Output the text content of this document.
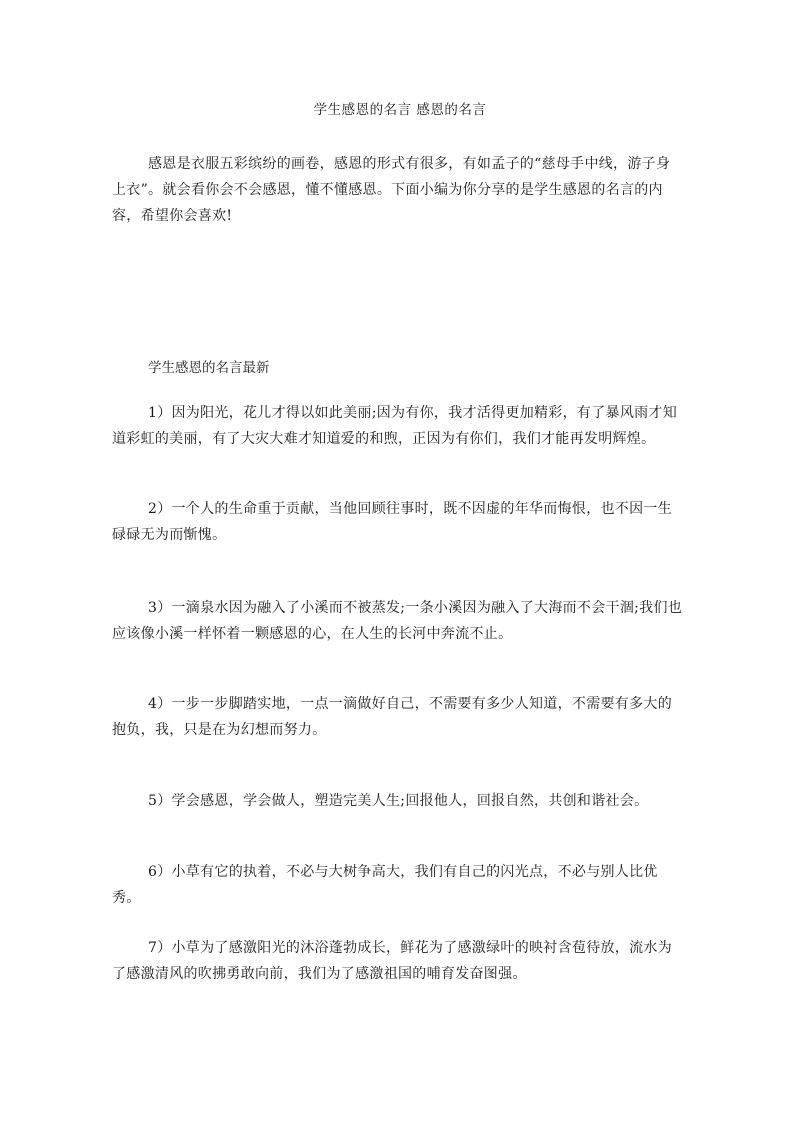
学生感恩的名言 感恩的名言

感恩是衣服五彩缤纷的画卷，感恩的形式有很多，有如孟子的“慈母手中线，游子身上衣”。就会看你会不会感恩，懂不懂感恩。下面小编为你分享的是学生感恩的名言的内容，希望你会喜欢!

学生感恩的名言最新

1）因为阳光，花儿才得以如此美丽;因为有你，我才活得更加精彩，有了暴风雨才知道彩虹的美丽，有了大灾大难才知道爱的和煦，正因为有你们，我们才能再发明辉煌。

2）一个人的生命重于贡献，当他回顾往事时，既不因虚的年华而悔恨，也不因一生碌碌无为而惭愧。

3）一滴泉水因为融入了小溪而不被蒸发;一条小溪因为融入了大海而不会干涸;我们也应该像小溪一样怀着一颗感恩的心，在人生的长河中奔流不止。

4）一步一步脚踏实地，一点一滴做好自己，不需要有多少人知道，不需要有多大的抱负，我，只是在为幻想而努力。

5）学会感恩，学会做人，塑造完美人生;回报他人，回报自然，共创和谐社会。

6）小草有它的执着，不必与大树争高大，我们有自己的闪光点，不必与别人比优秀。

7）小草为了感激阳光的沐浴蓬勃成长，鲜花为了感激绿叶的映衬含苞待放，流水为了感激清风的吹拂勇敢向前，我们为了感激祖国的哺育发奋图强。
